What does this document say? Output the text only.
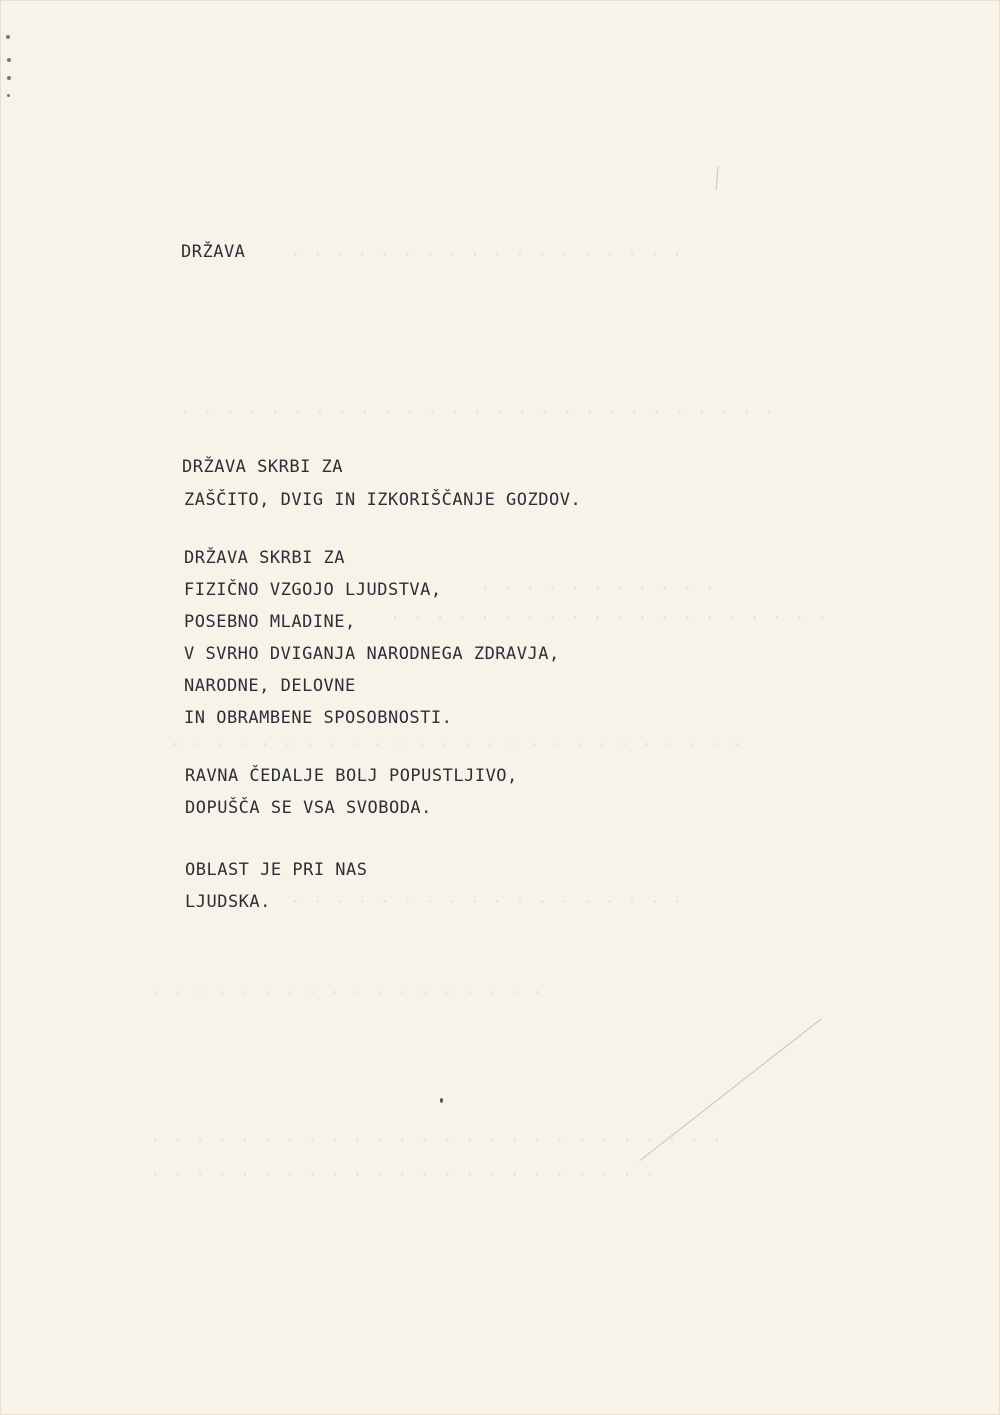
· · · · · · · · · · · · · · · · · ·
· · · · · · · · · · · · · · · · · · · · · · · · · · ·
· · · · · · · · · · ·
· · · · · · · · · · · · · · · · · · · ·
· · · · · · · · · · · · · · · · · · · · · · · · · ·
· · · · · · · · · · · · · · · · · ·
· · · · · · · · · · · · · · · · · ·
· · · · · · · · · · · · · · · · · · · · · · · · · ·
· · · · · · · · · · · · · · · · · · · · · · ·
DRŽAVA
DRŽAVA SKRBI ZA
ZAŠČITO, DVIG IN IZKORIŠČANJE GOZDOV.
DRŽAVA SKRBI ZA
FIZIČNO VZGOJO LJUDSTVA,
POSEBNO MLADINE,
V SVRHO DVIGANJA NARODNEGA ZDRAVJA,
NARODNE, DELOVNE
IN OBRAMBENE SPOSOBNOSTI.
RAVNA ČEDALJE BOLJ POPUSTLJIVO,
DOPUŠČA SE VSA SVOBODA.
OBLAST JE PRI NAS
LJUDSKA.
